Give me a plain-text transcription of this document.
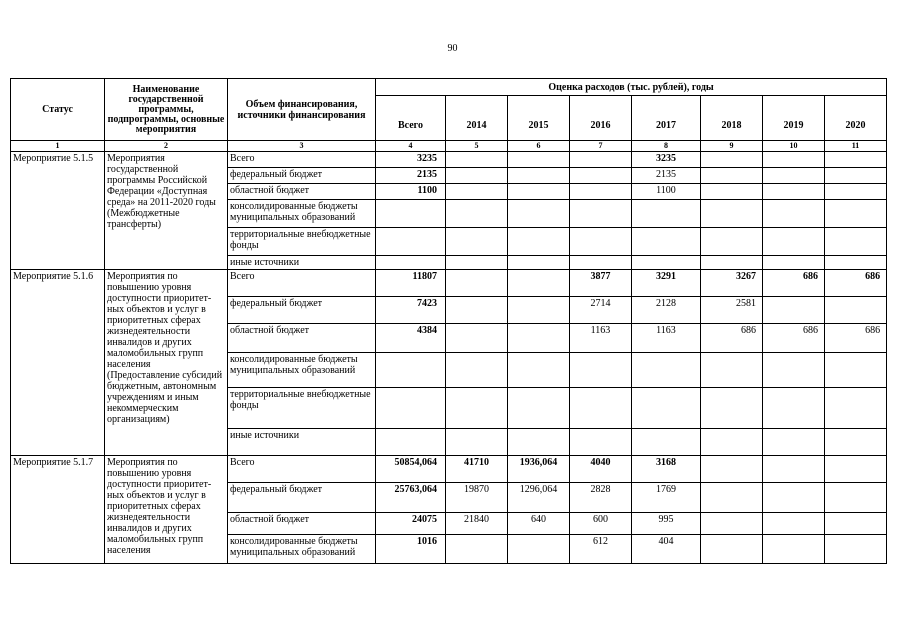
90
Статус	Наименование государственной программы, подпрограммы, основные мероприятия	Объем финансирования, источники финансирования	Оценка расходов (тыс. рублей), годы							
			Всего	2014	2015	2016	2017	2018	2019	2020
1	2	3	4	5	6	7	8	9	10	11
Мероприятие 5.1.5	Мероприятия государственной программы Российской Федерации «Доступная среда» на 2011-2020 годы (Межбюджетные трансферты)	Всего	3235				3235			
		федеральный бюджет	2135				2135			
		областной бюджет	1100				1100			
		консолидированные бюджеты муниципальных образований								
		территориальные внебюджетные фонды								
		иные источники								
Мероприятие 5.1.6	Мероприятия по повышению уровня доступности приоритет-ных объектов и услуг в приоритетных сферах жизнедеятельности инвалидов и других маломобильных групп населения (Предоставление субсидий бюджетным, автономным учреждениям и иным некоммерческим организациям)	Всего	11807			3877	3291	3267	686	686
		федеральный бюджет	7423			2714	2128	2581		
		областной бюджет	4384			1163	1163	686	686	686
		консолидированные бюджеты муниципальных образований								
		территориальные внебюджетные фонды								
		иные источники								
Мероприятие 5.1.7	Мероприятия по повышению уровня доступности приоритет-ных объектов и услуг в приоритетных сферах жизнедеятельности инвалидов и других маломобильных групп населения	Всего	50854,064	41710	1936,064	4040	3168			
		федеральный бюджет	25763,064	19870	1296,064	2828	1769			
		областной бюджет	24075	21840	640	600	995			
		консолидированные бюджеты муниципальных образований	1016			612	404			
